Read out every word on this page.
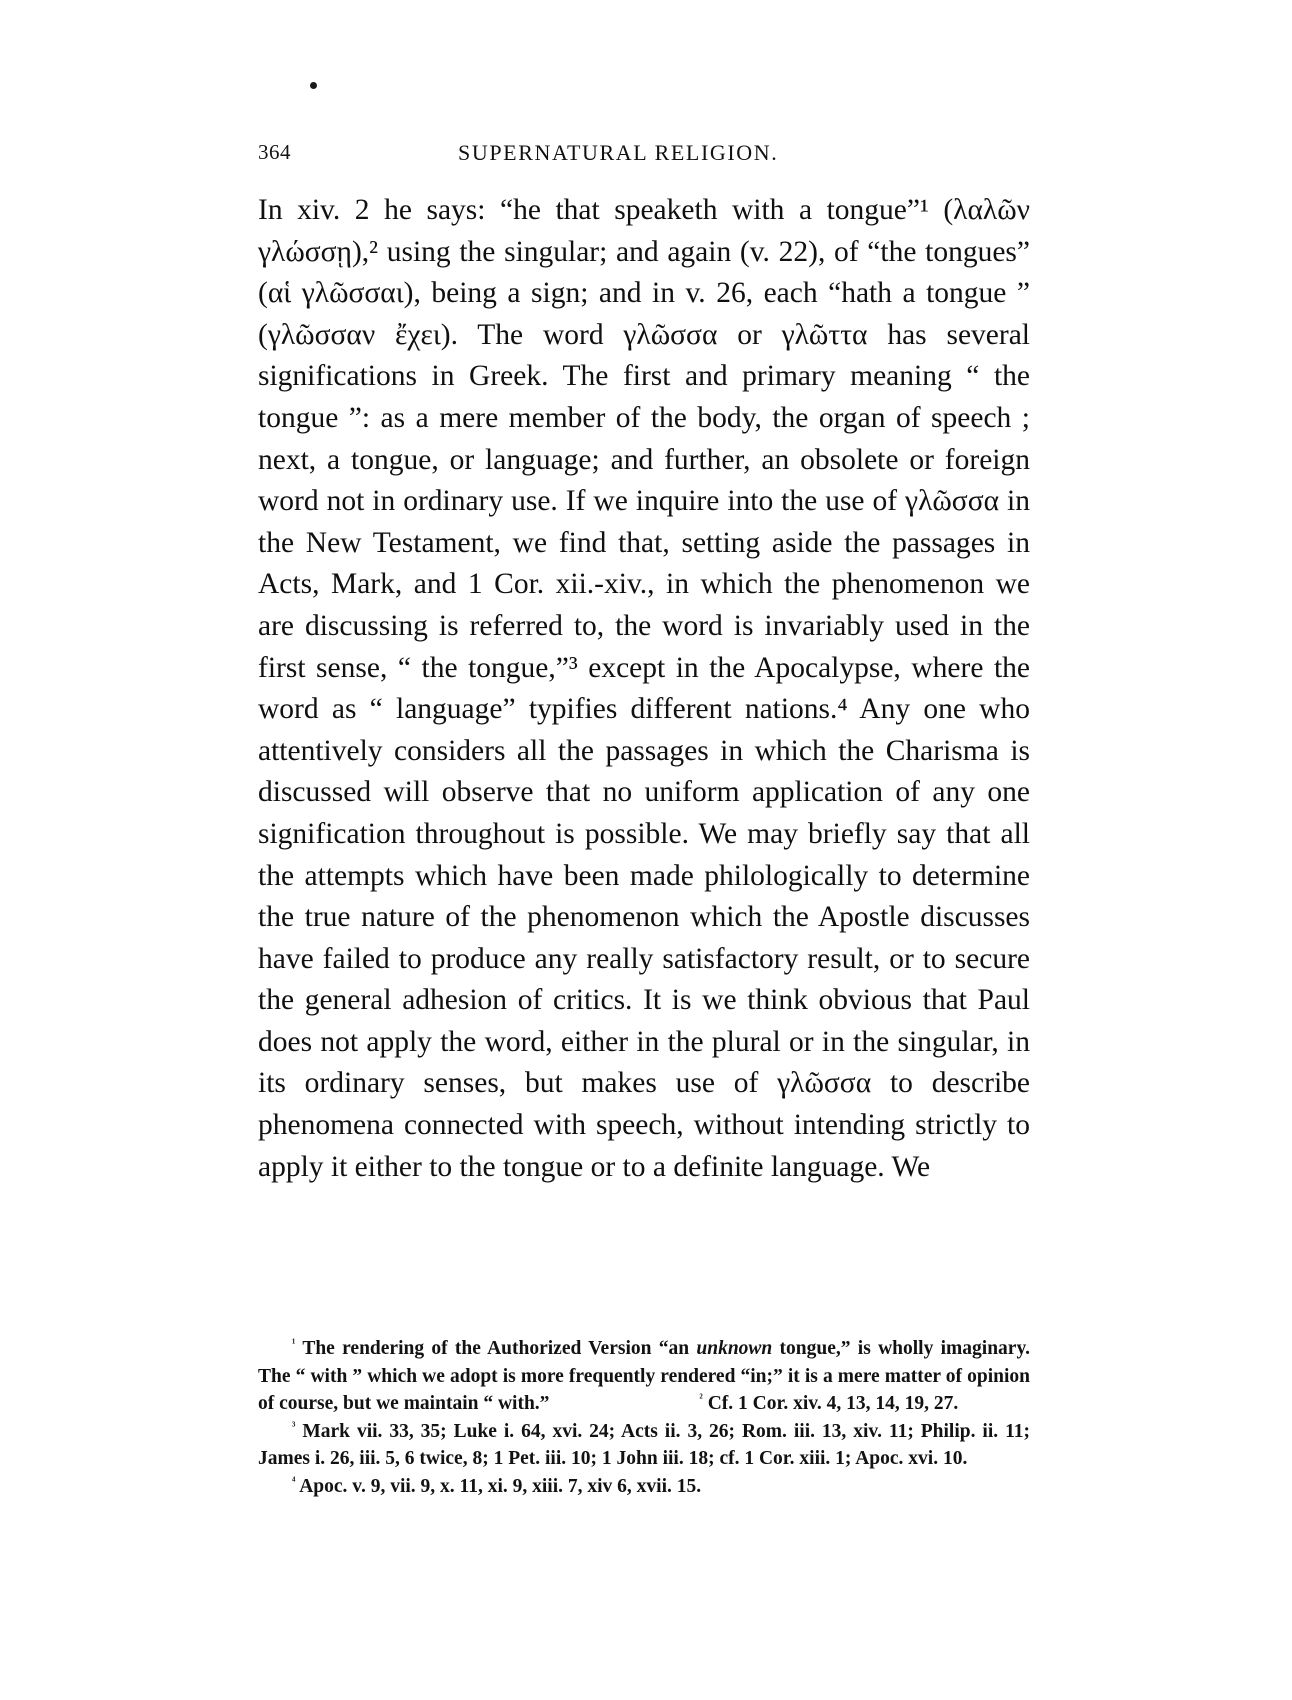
364	SUPERNATURAL RELIGION.

In xiv. 2 he says: “he that speaketh with a tongue”¹ (λαλῶν γλώσσῃ),² using the singular; and again (v. 22), of “the tongues” (αἱ γλῶσσαι), being a sign; and in v. 26, each “hath a tongue ” (γλῶσσαν ἔχει). The word γλῶσσα or γλῶττα has several significations in Greek. The first and primary meaning “ the tongue ”: as a mere member of the body, the organ of speech ; next, a tongue, or language; and further, an obsolete or foreign word not in ordinary use. If we inquire into the use of γλῶσσα in the New Testament, we find that, setting aside the passages in Acts, Mark, and 1 Cor. xii.-xiv., in which the phenomenon we are discussing is referred to, the word is invariably used in the first sense, “ the tongue,”³ except in the Apocalypse, where the word as “ language” typifies different nations.⁴ Any one who attentively considers all the passages in which the Charisma is discussed will observe that no uniform application of any one signification throughout is possible. We may briefly say that all the attempts which have been made philologically to determine the true nature of the phenomenon which the Apostle discusses have failed to produce any really satisfactory result, or to secure the general adhesion of critics. It is we think obvious that Paul does not apply the word, either in the plural or in the singular, in its ordinary senses, but makes use of γλῶσσα to describe phenomena connected with speech, without intending strictly to apply it either to the tongue or to a definite language. We

$^{^1}$ The rendering of the Authorized Version “an unknown tongue,” is wholly imaginary. The “ with ” which we adopt is more frequently rendered “in;” it is a mere matter of opinion of course, but we maintain “ with.”	$^{^2}$ Cf. 1 Cor. xiv. 4, 13, 14, 19, 27.

$^{^3}$ Mark vii. 33, 35; Luke i. 64, xvi. 24; Acts ii. 3, 26; Rom. iii. 13, xiv. 11; Philip. ii. 11; James i. 26, iii. 5, 6 twice, 8; 1 Pet. iii. 10; 1 John iii. 18; cf. 1 Cor. xiii. 1; Apoc. xvi. 10.

$^{^4}$ Apoc. v. 9, vii. 9, x. 11, xi. 9, xiii. 7, xiv 6, xvii. 15.
